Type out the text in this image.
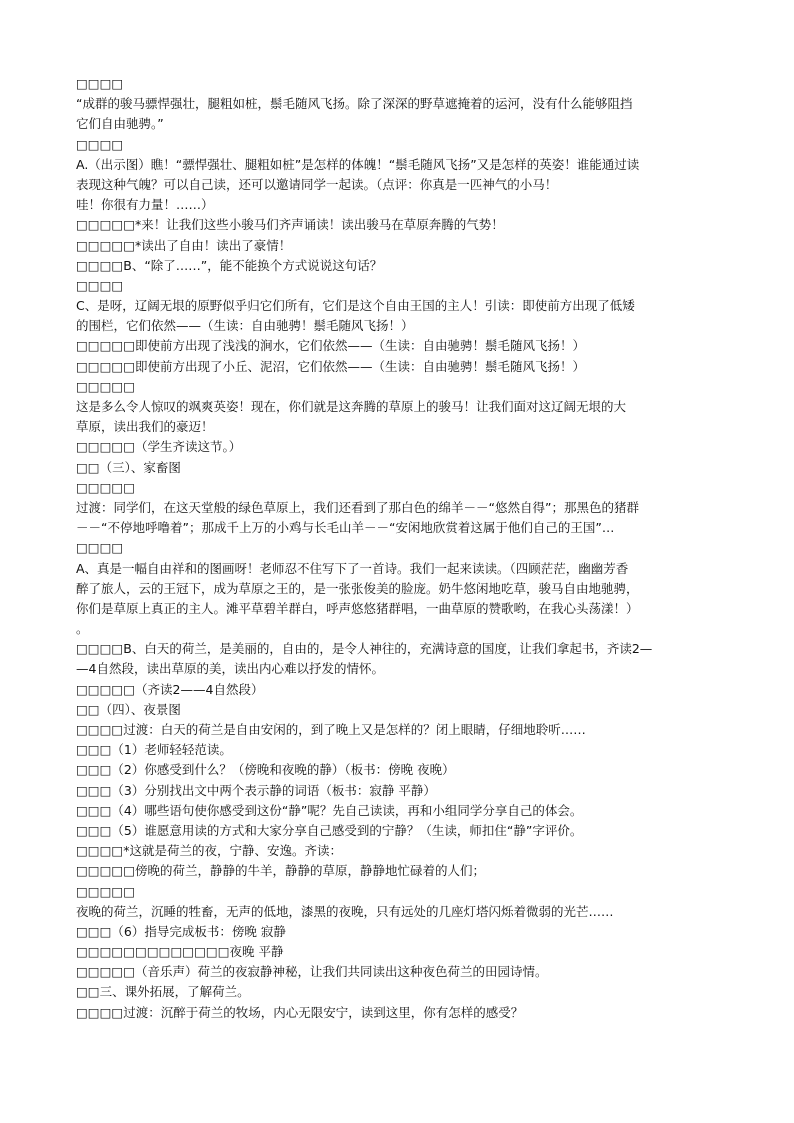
□□□□
“成群的骏马骠悍强壮，腿粗如桩，鬃毛随风飞扬。除了深深的野草遮掩着的运河，没有什么能够阻挡
它们自由驰骋。”
□□□□
A.（出示图）瞧！“骠悍强壮、腿粗如桩”是怎样的体魄！“鬃毛随风飞扬”又是怎样的英姿！谁能通过读
表现这种气魄？可以自己读，还可以邀请同学一起读。（点评：你真是一匹神气的小马！
哇！你很有力量！……）
□□□□□*来！让我们这些小骏马们齐声诵读！读出骏马在草原奔腾的气势！
□□□□□*读出了自由！读出了豪情！
□□□□B、“除了……”，能不能换个方式说说这句话？
□□□□
C、是呀，辽阔无垠的原野似乎归它们所有，它们是这个自由王国的主人！引读：即使前方出现了低矮
的围栏，它们依然——（生读：自由驰骋！鬃毛随风飞扬！）
□□□□□即使前方出现了浅浅的涧水，它们依然——（生读：自由驰骋！鬃毛随风飞扬！）
□□□□□即使前方出现了小丘、泥沼，它们依然——（生读：自由驰骋！鬃毛随风飞扬！）
□□□□□
这是多么令人惊叹的飒爽英姿！现在，你们就是这奔腾的草原上的骏马！让我们面对这辽阔无垠的大
草原，读出我们的豪迈！
□□□□□（学生齐读这节。）
□□（三）、家畜图
□□□□□
过渡：同学们，在这天堂般的绿色草原上，我们还看到了那白色的绵羊－－“悠然自得”；那黑色的猪群
－－“不停地呼噜着”；那成千上万的小鸡与长毛山羊－－“安闲地欣赏着这属于他们自己的王国”…
□□□□
A、真是一幅自由祥和的图画呀！老师忍不住写下了一首诗。我们一起来读读。（四顾茫茫，幽幽芳香
醉了旅人，云的王冠下，成为草原之王的，是一张张俊美的脸庞。奶牛悠闲地吃草，骏马自由地驰骋，
你们是草原上真正的主人。滩平草碧羊群白，呼声悠悠猪群唱，一曲草原的赞歌哟，在我心头荡漾！）
。
□□□□B、白天的荷兰，是美丽的，自由的，是令人神往的，充满诗意的国度，让我们拿起书，齐读2—
—4自然段，读出草原的美，读出内心难以抒发的情怀。
□□□□□（齐读2——4自然段）
□□（四）、夜景图
□□□□过渡：白天的荷兰是自由安闲的，到了晚上又是怎样的？闭上眼睛，仔细地聆听……
□□□（1）老师轻轻范读。
□□□（2）你感受到什么？（傍晚和夜晚的静）（板书：傍晚 夜晚）
□□□（3）分别找出文中两个表示静的词语（板书：寂静 平静）
□□□（4）哪些语句使你感受到这份“静”呢？先自己读读，再和小组同学分享自己的体会。
□□□（5）谁愿意用读的方式和大家分享自己感受到的宁静？（生读，师扣住“静”字评价。
□□□□*这就是荷兰的夜，宁静、安逸。齐读：
□□□□□傍晚的荷兰，静静的牛羊，静静的草原，静静地忙碌着的人们；
□□□□□
夜晚的荷兰，沉睡的牲畜，无声的低地，漆黑的夜晚，只有远处的几座灯塔闪烁着微弱的光芒……
□□□（6）指导完成板书：傍晚 寂静
□□□□□□□□□□□□□夜晚 平静
□□□□□（音乐声）荷兰的夜寂静神秘，让我们共同读出这种夜色荷兰的田园诗情。
□□三、课外拓展，了解荷兰。
□□□□过渡：沉醉于荷兰的牧场，内心无限安宁，读到这里，你有怎样的感受？
